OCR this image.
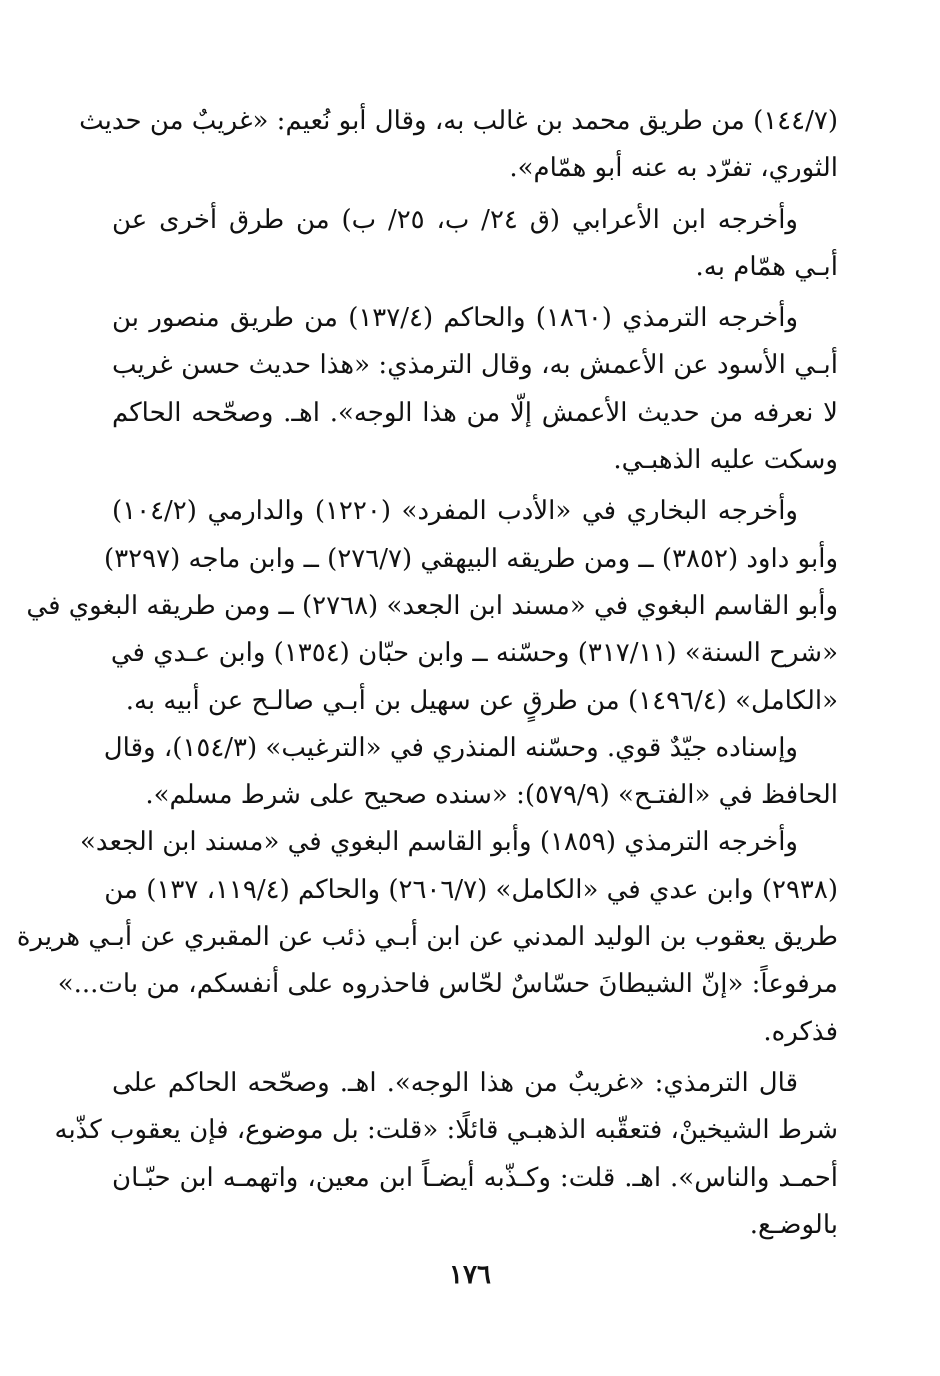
(١٤٤/٧) من طريق محمد بن غالب به، وقال أبو نُعيم: «غريبٌ من حديث
الثوري، تفرّد به عنه أبو همّام».
وأخرجه ابن الأعرابي (ق ٢٤/ ب، ٢٥/ ب) من طرق أخرى عن
أبـي همّام به.
وأخرجه الترمذي (١٨٦٠) والحاكم (١٣٧/٤) من طريق منصور بن
أبـي الأسود عن الأعمش به، وقال الترمذي: «هذا حديث حسن غريب
لا نعرفه من حديث الأعمش إلّا من هذا الوجه». اهـ. وصحّحه الحاكم
وسكت عليه الذهبـي.
وأخرجه البخاري في «الأدب المفرد» (١٢٢٠) والدارمي (١٠٤/٢)
وأبو داود (٣٨٥٢) ــ ومن طريقه البيهقي (٢٧٦/٧) ــ وابن ماجه (٣٢٩٧)
وأبو القاسم البغوي في «مسند ابن الجعد» (٢٧٦٨) ــ ومن طريقه البغوي في
«شرح السنة» (٣١٧/١١) وحسّنه ــ وابن حبّان (١٣٥٤) وابن عـدي في
«الكامل» (١٤٩٦/٤) من طرقٍ عن سهيل بن أبـي صالـح عن أبيه به.
وإسناده جيّدٌ قوي. وحسّنه المنذري في «الترغيب» (١٥٤/٣)، وقال
الحافظ في «الفتـح» (٥٧٩/٩): «سنده صحيح على شرط مسلم».
وأخرجه الترمذي (١٨٥٩) وأبو القاسم البغوي في «مسند ابن الجعد»
(٢٩٣٨) وابن عدي في «الكامل» (٢٦٠٦/٧) والحاكم (١١٩/٤، ١٣٧) من
طريق يعقوب بن الوليد المدني عن ابن أبـي ذئب عن المقبري عن أبـي هريرة
مرفوعاً: «إنّ الشيطانَ حسّاسٌ لحّاس فاحذروه على أنفسكم، من بات...»
فذكره.
قال الترمذي: «غريبٌ من هذا الوجه». اهـ. وصحّحه الحاكم على
شرط الشيخينْ، فتعقّبه الذهبـي قائلًا: «قلت: بل موضوع، فإن يعقوب كذّبه
أحمـد والناس». اهـ. قلت: وكـذّبه أيضـاً ابن معين، واتهمـه ابن حبّـان
بالوضـع.
١٧٦
